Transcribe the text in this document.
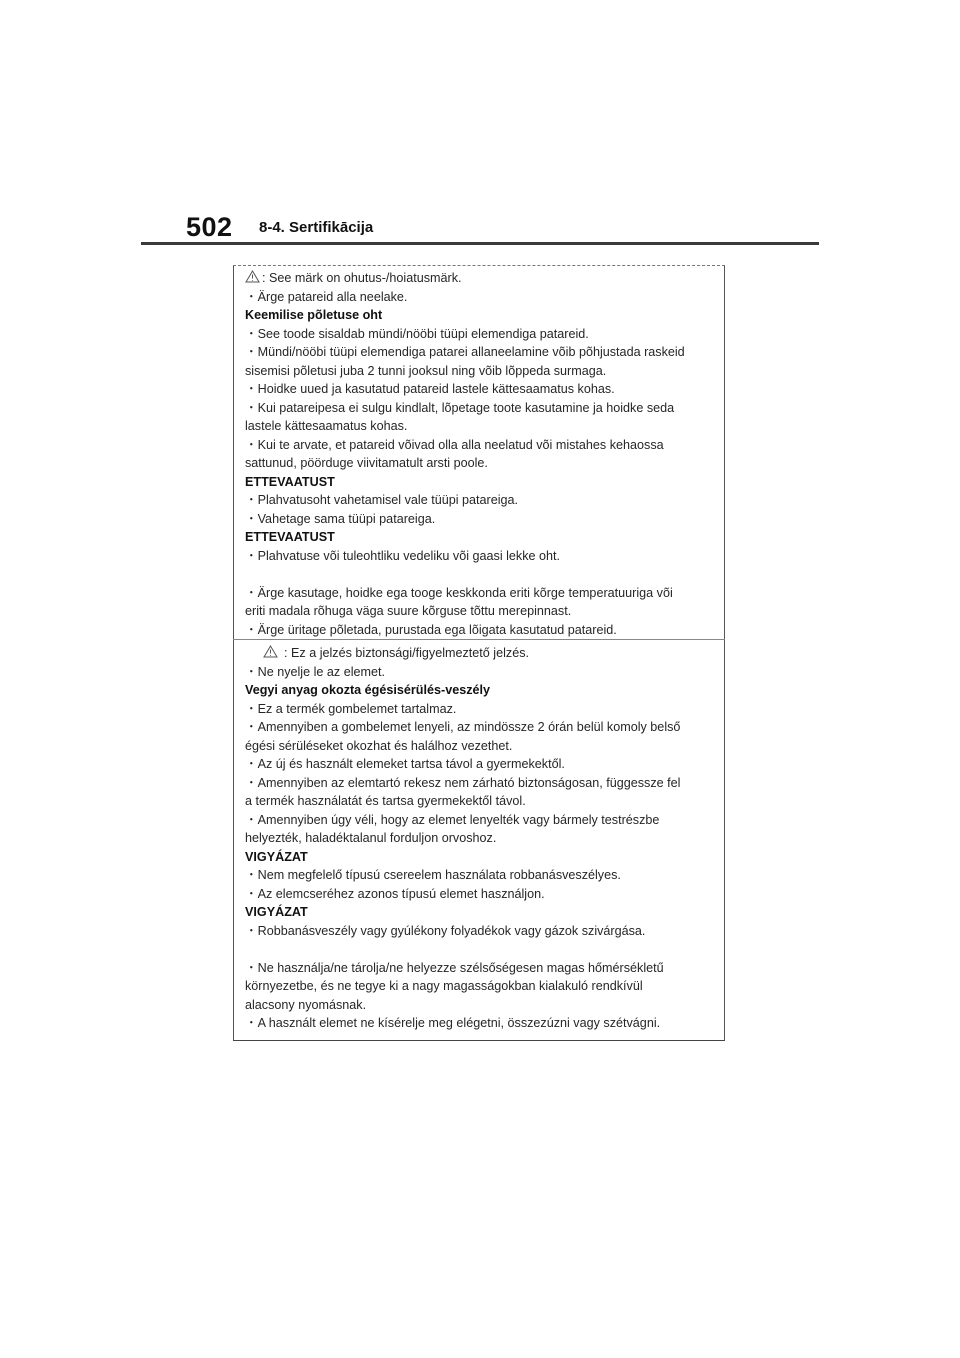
502 8-4. Sertifikācija
: See märk on ohutus-/hoiatusmärk.
・Ärge patareid alla neelake.
Keemilise põletuse oht
・See toode sisaldab mündi/nööbi tüüpi elemendiga patareid.
・Mündi/nööbi tüüpi elemendiga patarei allaneelamine võib põhjustada raskeid
sisemisi põletusi juba 2 tunni jooksul ning võib lõppeda surmaga.
・Hoidke uued ja kasutatud patareid lastele kättesaamatus kohas.
・Kui patareipesa ei sulgu kindlalt, lõpetage toote kasutamine ja hoidke seda
lastele kättesaamatus kohas.
・Kui te arvate, et patareid võivad olla alla neelatud või mistahes kehaossa
sattunud, pöörduge viivitamatult arsti poole.
ETTEVAATUST
・Plahvatusoht vahetamisel vale tüüpi patareiga.
・Vahetage sama tüüpi patareiga.
ETTEVAATUST
・Plahvatuse või tuleohtliku vedeliku või gaasi lekke oht.
・Ärge kasutage, hoidke ega tooge keskkonda eriti kõrge temperatuuriga või
eriti madala rõhuga väga suure kõrguse tõttu merepinnast.
・Ärge üritage põletada, purustada ega lõigata kasutatud patareid.
: Ez a jelzés biztonsági/figyelmeztető jelzés.
・Ne nyelje le az elemet.
Vegyi anyag okozta égésisérülés-veszély
・Ez a termék gombelemet tartalmaz.
・Amennyiben a gombelemet lenyeli, az mindössze 2 órán belül komoly belső
égési sérüléseket okozhat és halálhoz vezethet.
・Az új és használt elemeket tartsa távol a gyermekektől.
・Amennyiben az elemtartó rekesz nem zárható biztonságosan, függessze fel
a termék használatát és tartsa gyermekektől távol.
・Amennyiben úgy véli, hogy az elemet lenyelték vagy bármely testrészbe
helyezték, haladéktalanul forduljon orvoshoz.
VIGYÁZAT
・Nem megfelelő típusú csereelem használata robbanásveszélyes.
・Az elemcseréhez azonos típusú elemet használjon.
VIGYÁZAT
・Robbanásveszély vagy gyúlékony folyadékok vagy gázok szivárgása.
・Ne használja/ne tárolja/ne helyezze szélsőségesen magas hőmérsékletű
környezetbe, és ne tegye ki a nagy magasságokban kialakuló rendkívül
alacsony nyomásnak.
・A használt elemet ne kísérelje meg elégetni, összezúzni vagy szétvágni.
